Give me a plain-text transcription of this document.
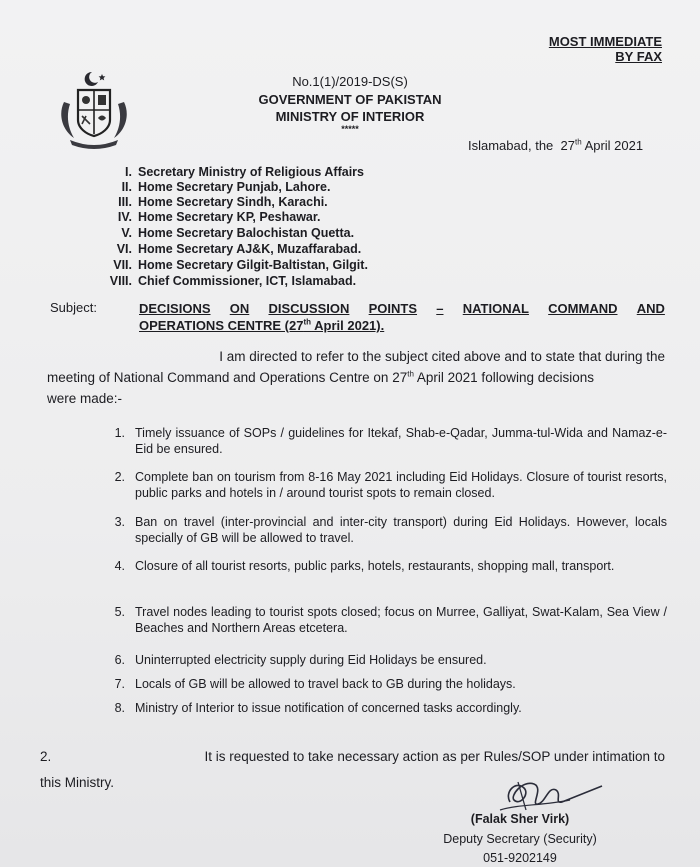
MOST IMMEDIATE
BY FAX
No.1(1)/2019-DS(S)
GOVERNMENT OF PAKISTAN
MINISTRY OF INTERIOR
*****
Islamabad, the 27th April 2021
I. Secretary Ministry of Religious Affairs
II. Home Secretary Punjab, Lahore.
III. Home Secretary Sindh, Karachi.
IV. Home Secretary KP, Peshawar.
V. Home Secretary Balochistan Quetta.
VI. Home Secretary AJ&K, Muzaffarabad.
VII. Home Secretary Gilgit-Baltistan, Gilgit.
VIII. Chief Commissioner, ICT, Islamabad.
Subject:	DECISIONS ON DISCUSSION POINTS – NATIONAL COMMAND AND
OPERATIONS CENTRE (27th April 2021).
I am directed to refer to the subject cited above and to state that during the
meeting of National Command and Operations Centre on 27th April 2021 following decisions
were made:-
1. Timely issuance of SOPs / guidelines for Itekaf, Shab-e-Qadar, Jumma-tul-Wida and Namaz-e-Eid be ensured.
2. Complete ban on tourism from 8-16 May 2021 including Eid Holidays. Closure of tourist resorts, public parks and hotels in / around tourist spots to remain closed.
3. Ban on travel (inter-provincial and inter-city transport) during Eid Holidays. However, locals specially of GB will be allowed to travel.
4. Closure of all tourist resorts, public parks, hotels, restaurants, shopping mall, transport.
5. Travel nodes leading to tourist spots closed; focus on Murree, Galliyat, Swat-Kalam, Sea View / Beaches and Northern Areas etcetera.
6. Uninterrupted electricity supply during Eid Holidays be ensured.
7. Locals of GB will be allowed to travel back to GB during the holidays.
8. Ministry of Interior to issue notification of concerned tasks accordingly.
2.	It is requested to take necessary action as per Rules/SOP under intimation to
this Ministry.
(Falak Sher Virk)
Deputy Secretary (Security)
051-9202149
